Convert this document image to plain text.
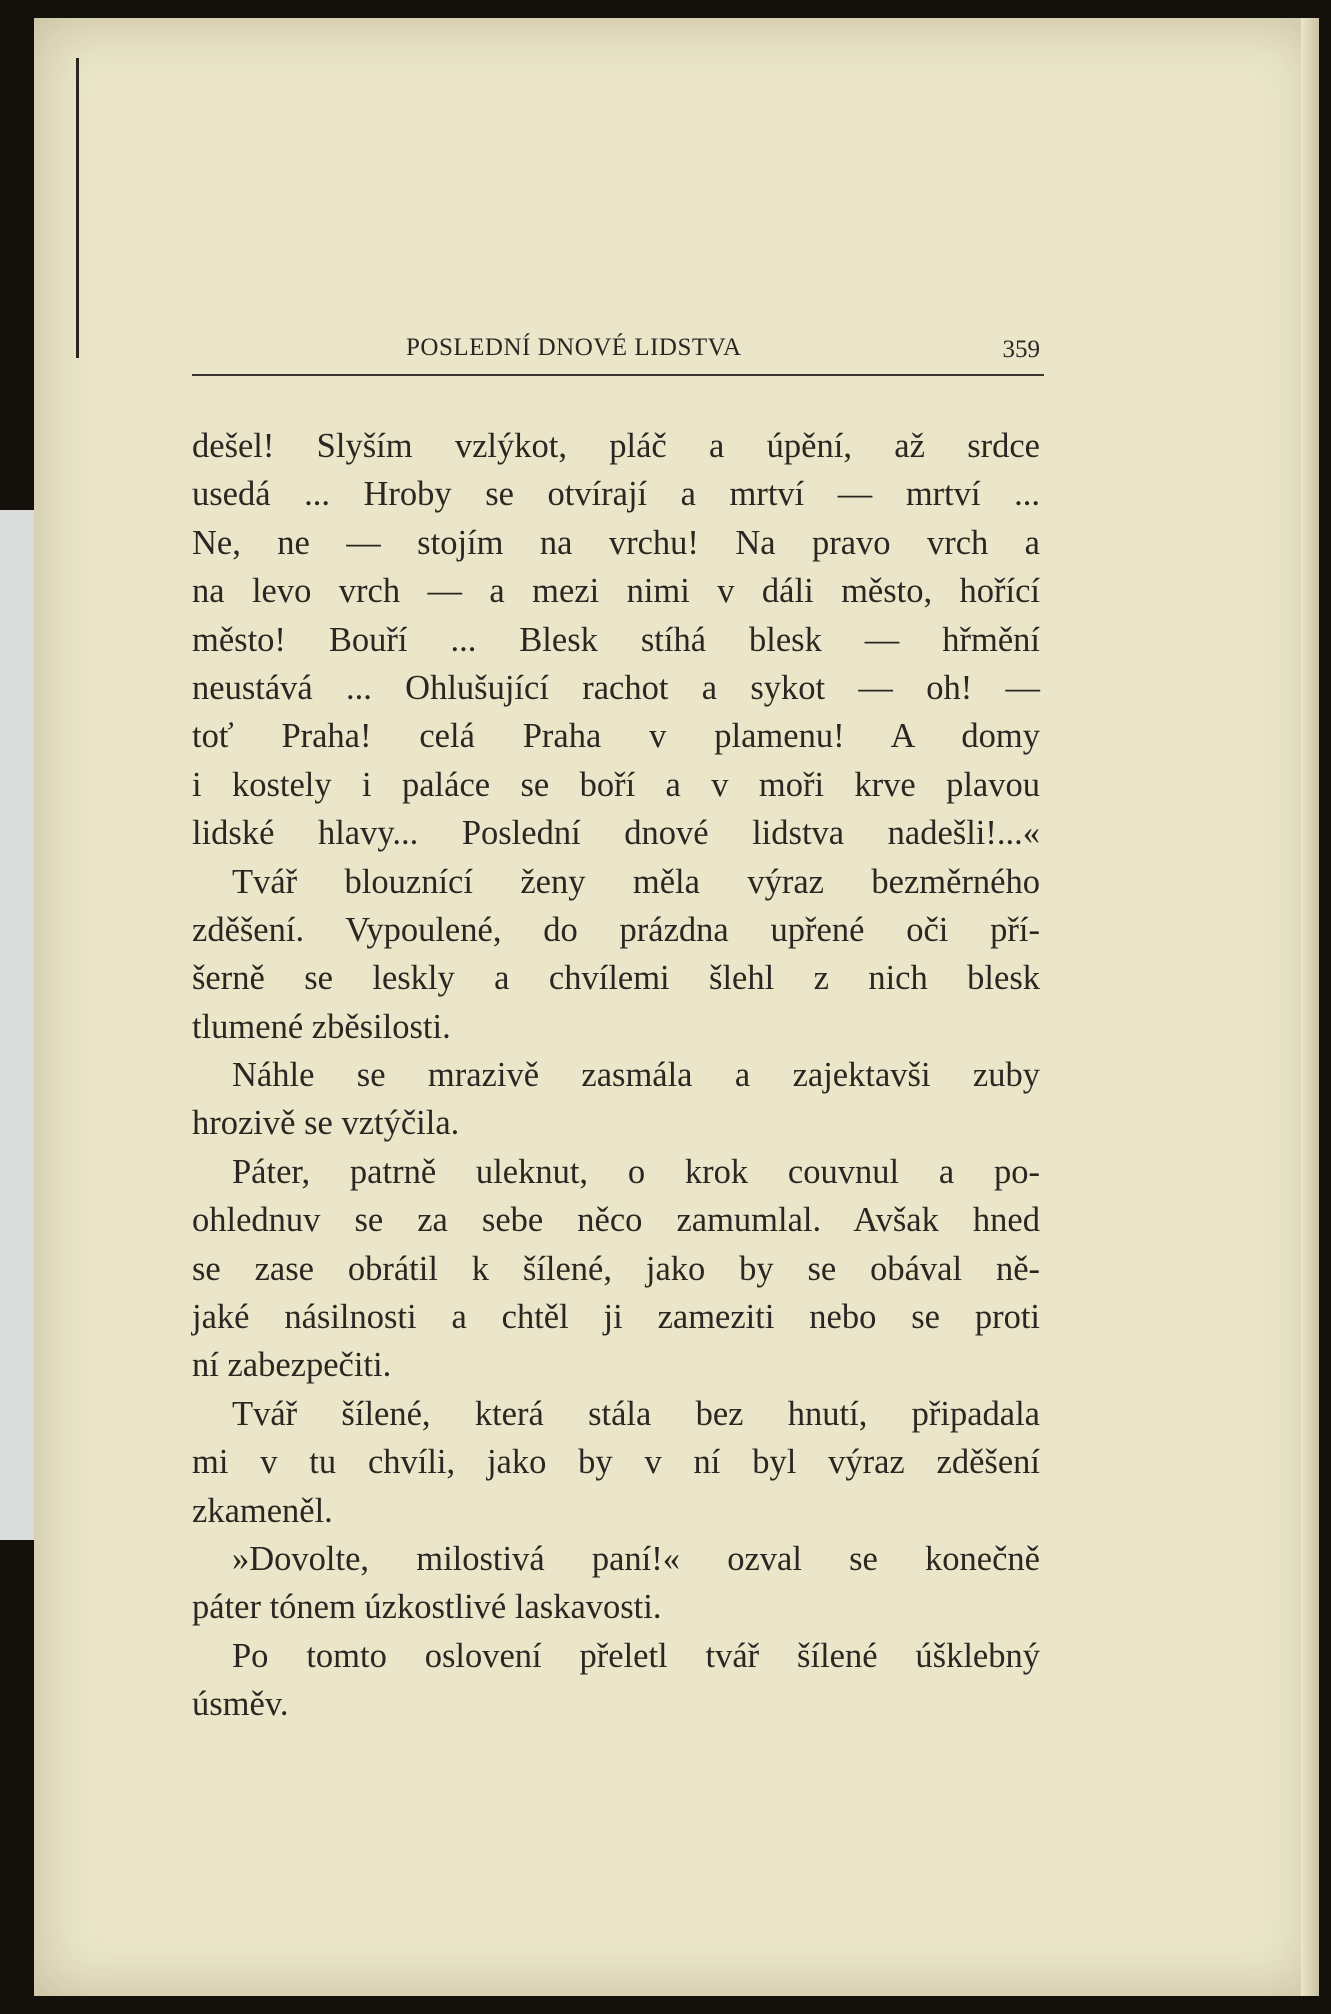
POSLEDNÍ DNOVÉ LIDSTVA	359
dešel! Slyším vzlýkot, pláč a úpění, až srdce
usedá ... Hroby se otvírají a mrtví — mrtví ...
Ne, ne — stojím na vrchu! Na pravo vrch a
na levo vrch — a mezi nimi v dáli město, hořící
město! Bouří ... Blesk stíhá blesk — hřmění
neustává ... Ohlušující rachot a sykot — oh! —
toť Praha! celá Praha v plamenu! A domy
i kostely i paláce se boří a v moři krve plavou
lidské hlavy... Poslední dnové lidstva nadešli!...«
Tvář blouznící ženy měla výraz bezměrného
zděšení. Vypoulené, do prázdna upřené oči pří-
šerně se leskly a chvílemi šlehl z nich blesk
tlumené zběsilosti.
Náhle se mrazivě zasmála a zajektavši zuby
hrozivě se vztýčila.
Páter, patrně uleknut, o krok couvnul a po-
ohlednuv se za sebe něco zamumlal. Avšak hned
se zase obrátil k šílené, jako by se obával ně-
jaké násilnosti a chtěl ji zameziti nebo se proti
ní zabezpečiti.
Tvář šílené, která stála bez hnutí, připadala
mi v tu chvíli, jako by v ní byl výraz zděšení
zkameněl.
»Dovolte, milostivá paní!« ozval se konečně
páter tónem úzkostlivé laskavosti.
Po tomto oslovení přeletl tvář šílené úšklebný
úsměv.
